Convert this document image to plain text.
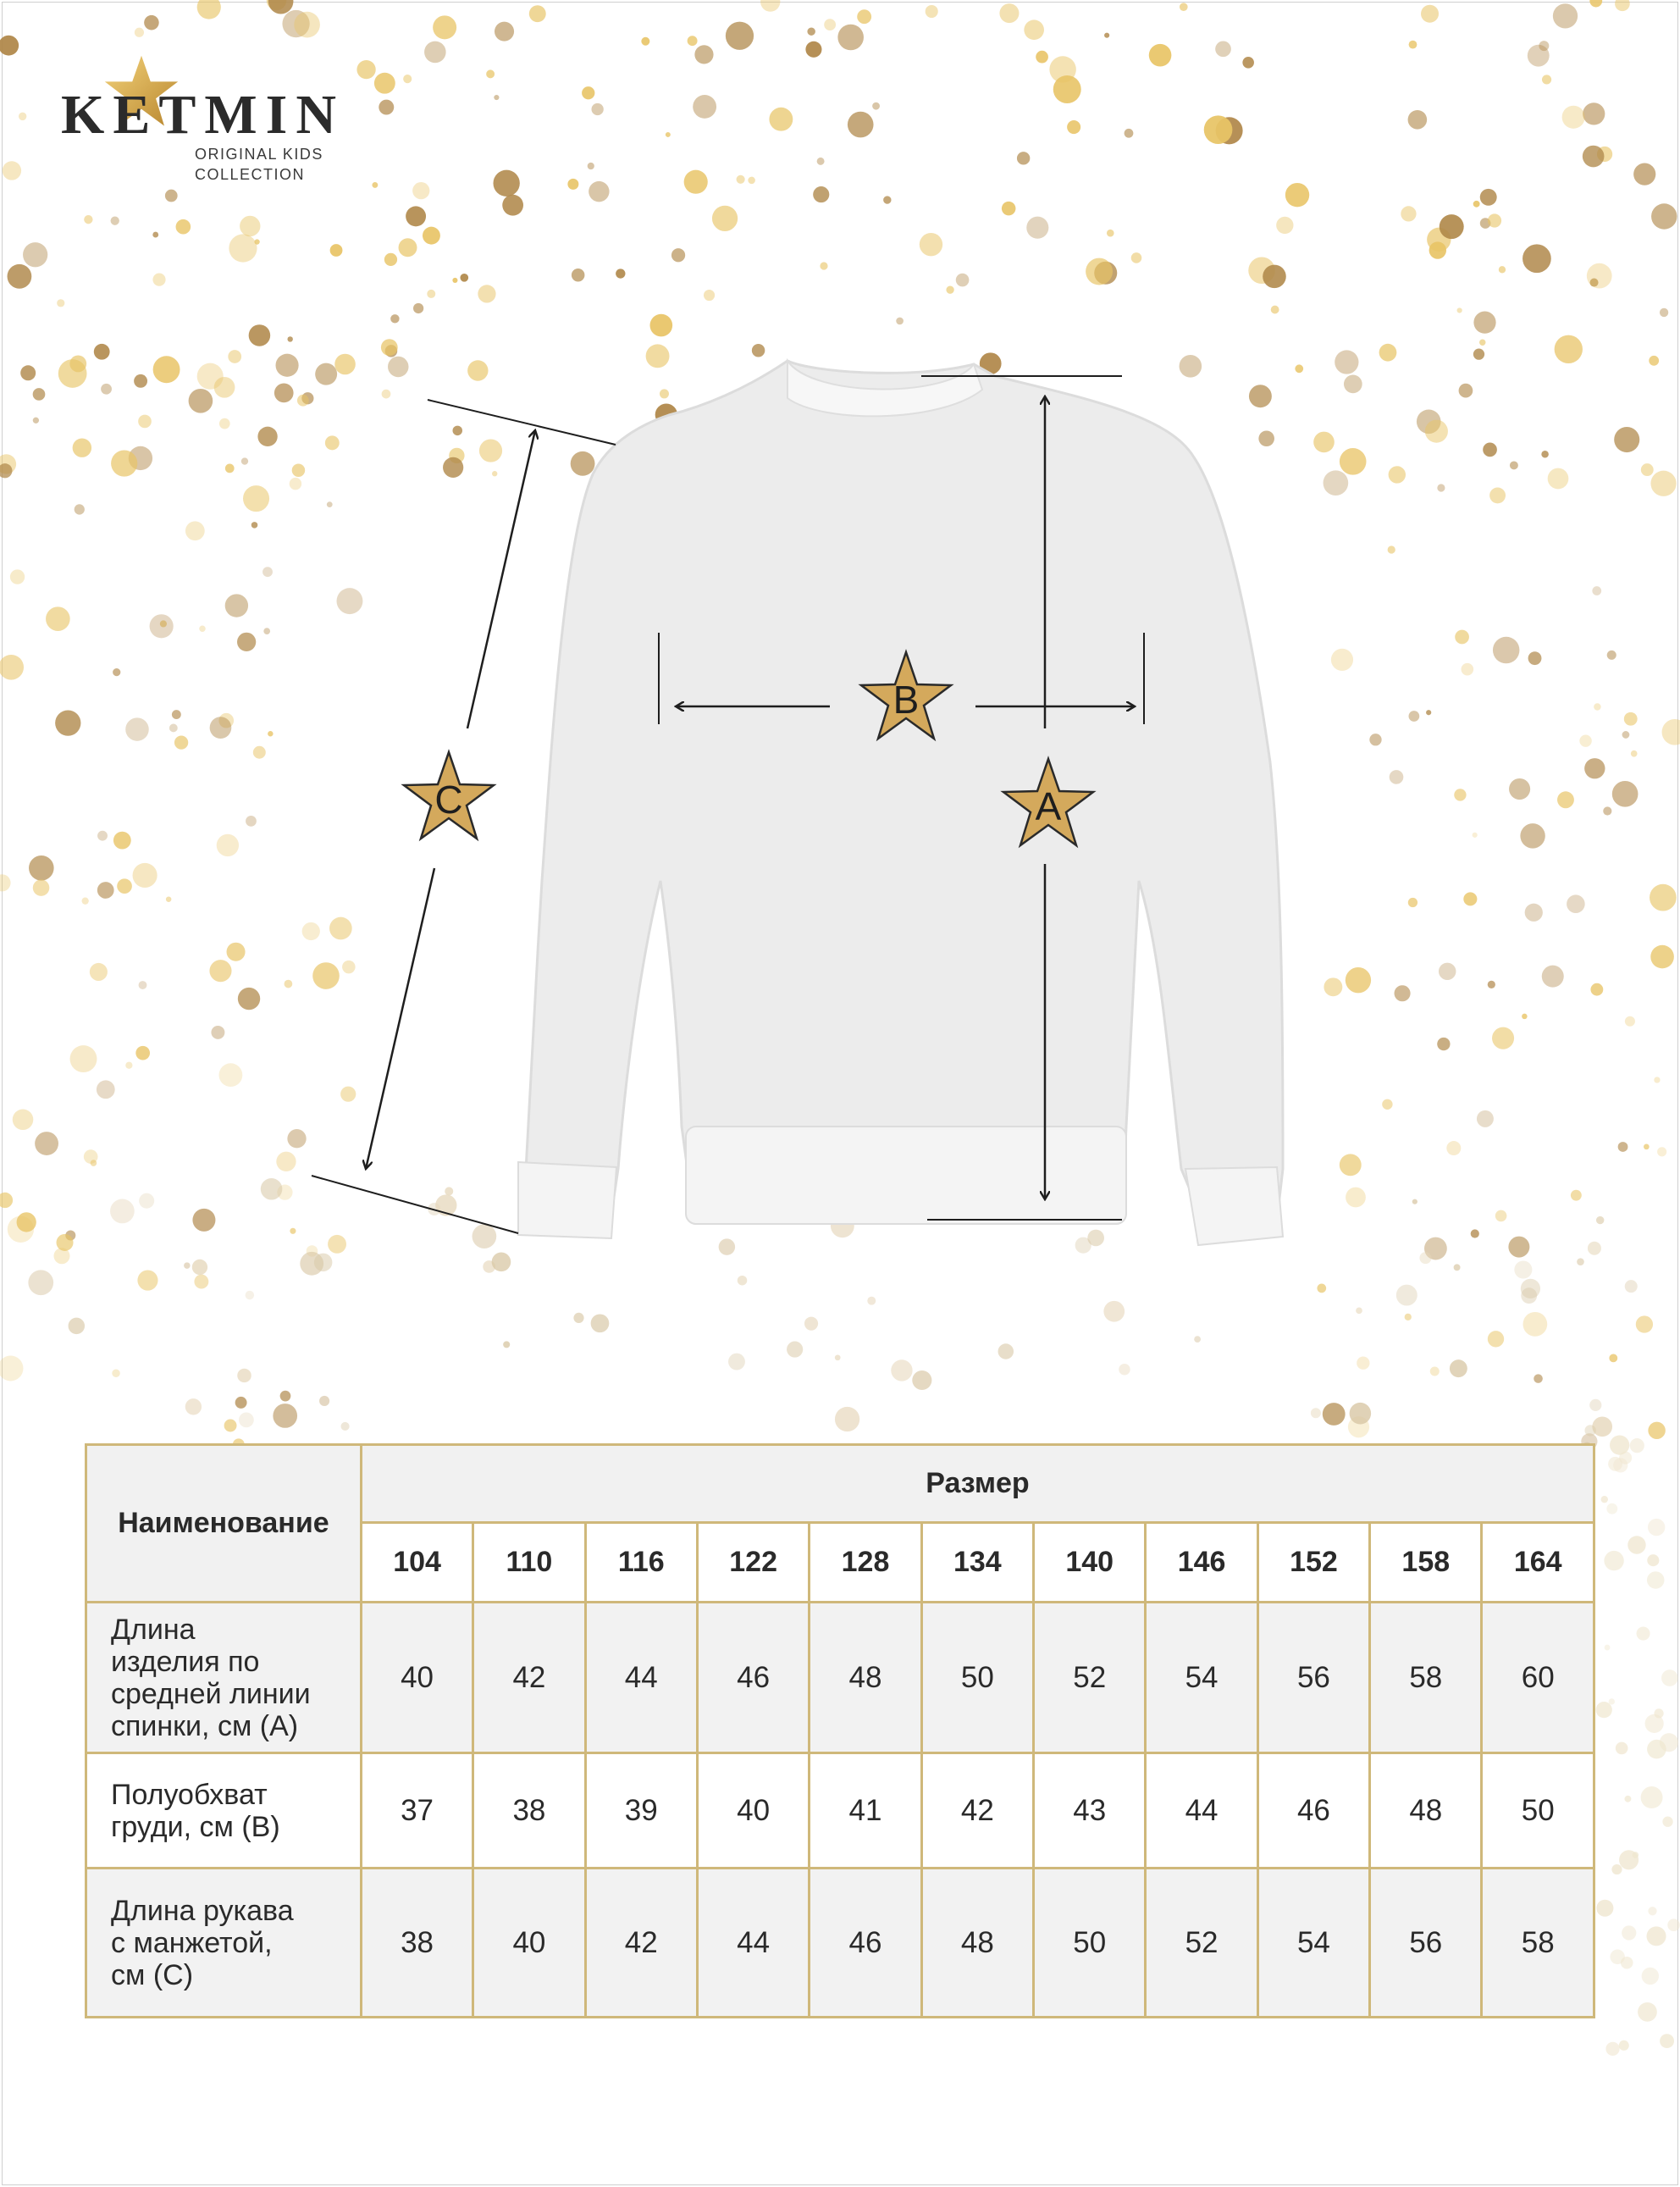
KETMIN
ORIGINAL KIDS
COLLECTION
B
A
C
Наименование	Размер										
	104	110	116	122	128	134	140	146	152	158	164

Длина
изделия по
средней линии
спинки, см (А)	40	42	44	46	48	50	52	54	56	58	60

Полуобхват
груди, см (В)	37	38	39	40	41	42	43	44	46	48	50

Длина рукава
с манжетой,
см (С)	38	40	42	44	46	48	50	52	54	56	58
